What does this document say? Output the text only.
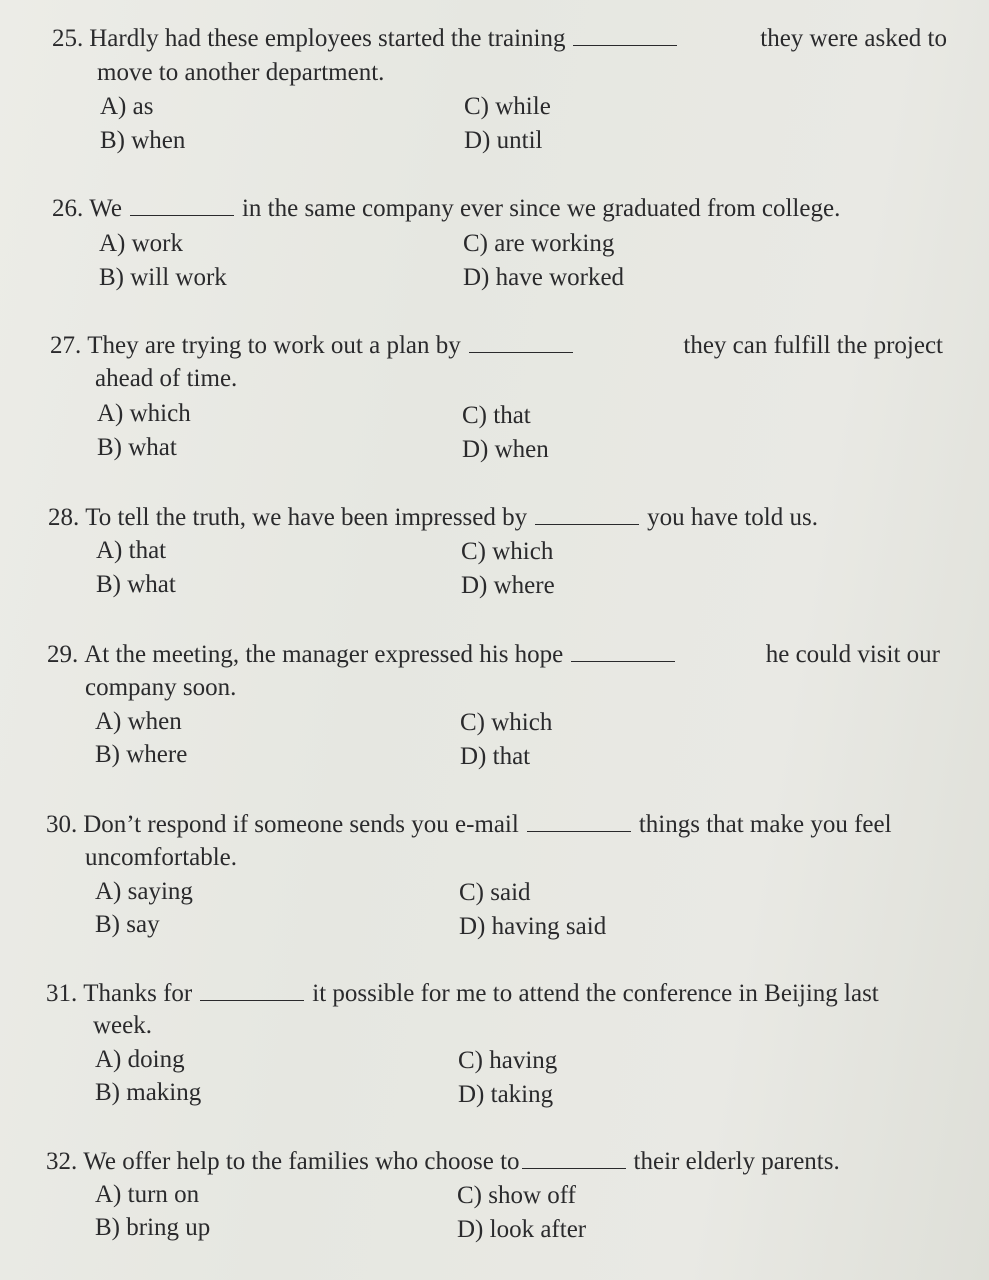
25. Hardly had these employees started the training	they were asked to
move to another department.
A) as	C) while
B) when	D) until
26. We	in the same company ever since we graduated from college.
A) work	C) are working
B) will work	D) have worked
27. They are trying to work out a plan by	they can fulfill the project
ahead of time.
A) which	C) that
B) what	D) when
28. To tell the truth, we have been impressed by	you have told us.
A) that	C) which
B) what	D) where
29. At the meeting, the manager expressed his hope	he could visit our
company soon.
A) when	C) which
B) where	D) that
30. Don’t respond if someone sends you e-mail	things that make you feel
uncomfortable.
A) saying	C) said
B) say	D) having said
31. Thanks for	it possible for me to attend the conference in Beijing last
week.
A) doing	C) having
B) making	D) taking
32. We offer help to the families who choose to	their elderly parents.
A) turn on	C) show off
B) bring up	D) look after
